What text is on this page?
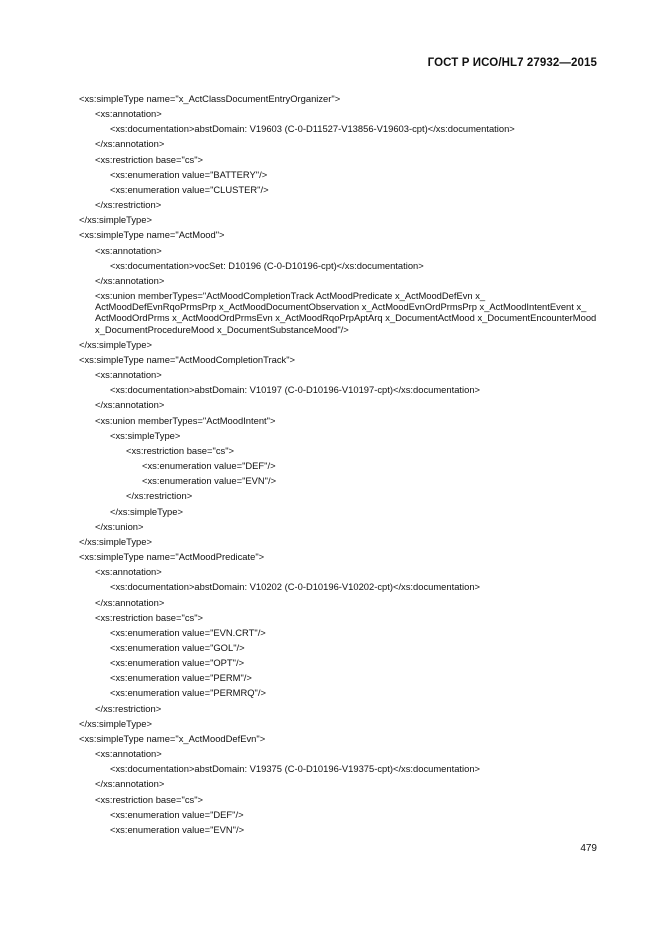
ГОСТ Р ИСО/HL7 27932—2015
<xs:simpleType name="x_ActClassDocumentEntryOrganizer">
<xs:annotation>
<xs:documentation>abstDomain: V19603 (C-0-D11527-V13856-V19603-cpt)</xs:documentation>
</xs:annotation>
<xs:restriction base="cs">
<xs:enumeration value="BATTERY"/>
<xs:enumeration value="CLUSTER"/>
</xs:restriction>
</xs:simpleType>
<xs:simpleType name="ActMood">
<xs:annotation>
<xs:documentation>vocSet: D10196 (C-0-D10196-cpt)</xs:documentation>
</xs:annotation>
<xs:union memberTypes="ActMoodCompletionTrack ActMoodPredicate x_ActMoodDefEvn x_ ActMoodDefEvnRqoPrmsPrp x_ActMoodDocumentObservation x_ActMoodEvnOrdPrmsPrp x_ActMoodIntentEvent x_ ActMoodOrdPrms x_ActMoodOrdPrmsEvn x_ActMoodRqoPrpAptArq x_DocumentActMood x_DocumentEncounterMood x_DocumentProcedureMood x_DocumentSubstanceMood"/>
</xs:simpleType>
<xs:simpleType name="ActMoodCompletionTrack">
<xs:annotation>
<xs:documentation>abstDomain: V10197 (C-0-D10196-V10197-cpt)</xs:documentation>
</xs:annotation>
<xs:union memberTypes="ActMoodIntent">
<xs:simpleType>
<xs:restriction base="cs">
<xs:enumeration value="DEF"/>
<xs:enumeration value="EVN"/>
</xs:restriction>
</xs:simpleType>
</xs:union>
</xs:simpleType>
<xs:simpleType name="ActMoodPredicate">
<xs:annotation>
<xs:documentation>abstDomain: V10202 (C-0-D10196-V10202-cpt)</xs:documentation>
</xs:annotation>
<xs:restriction base="cs">
<xs:enumeration value="EVN.CRT"/>
<xs:enumeration value="GOL"/>
<xs:enumeration value="OPT"/>
<xs:enumeration value="PERM"/>
<xs:enumeration value="PERMRQ"/>
</xs:restriction>
</xs:simpleType>
<xs:simpleType name="x_ActMoodDefEvn">
<xs:annotation>
<xs:documentation>abstDomain: V19375 (C-0-D10196-V19375-cpt)</xs:documentation>
</xs:annotation>
<xs:restriction base="cs">
<xs:enumeration value="DEF"/>
<xs:enumeration value="EVN"/>
479
